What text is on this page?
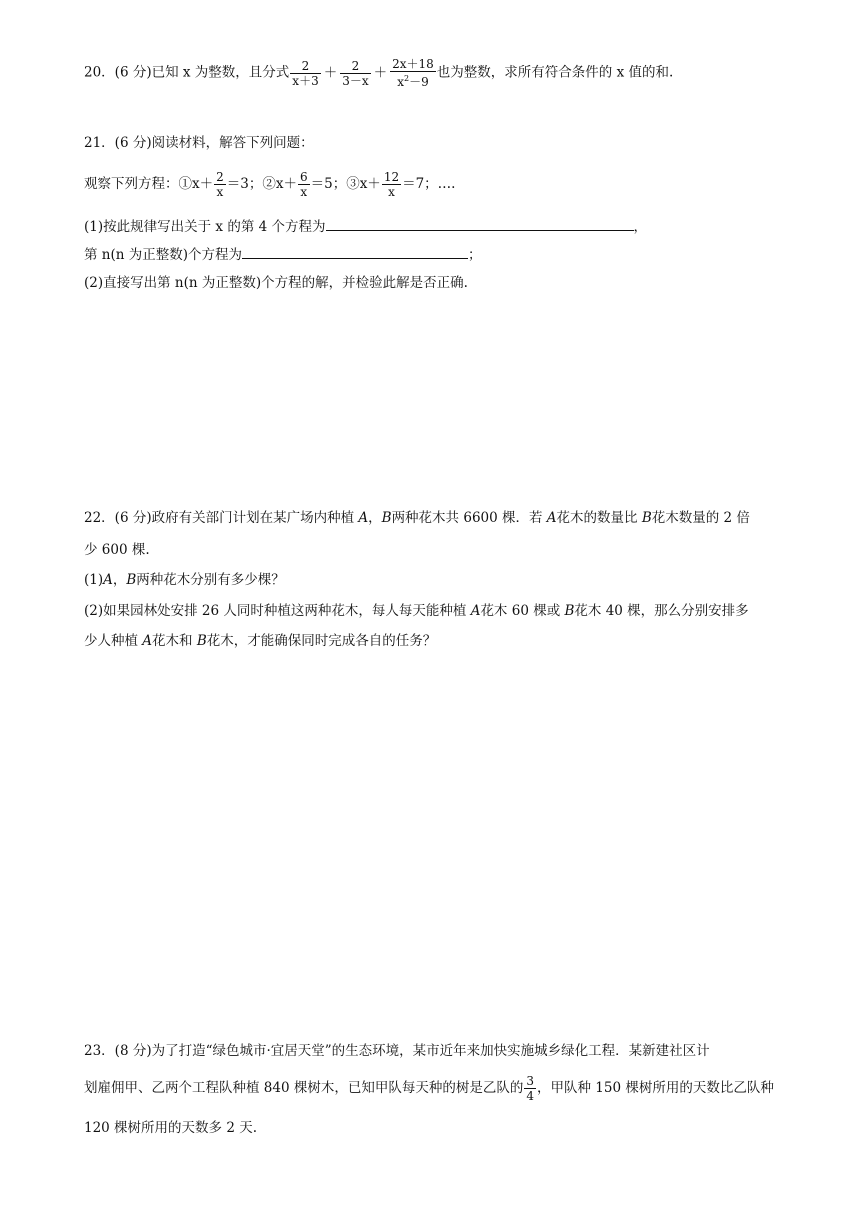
20．(6 分)已知 x 为整数，且分式 $\frac{2}{x+3} + \frac{2}{3-x} + \frac{2x+18}{x^2-9}$ 也为整数，求所有符合条件的 x 值的和.
21．(6 分)阅读材料，解答下列问题：
观察下列方程：①x＋ $\frac{2}{x} =3$；②x＋ $\frac{6}{x} =5$；③x＋ $\frac{12}{x} =7$；….
(1)按此规律写出关于 x 的第 4 个方程为	，
第 n(n 为正整数)个方程为	；
(2)直接写出第 n(n 为正整数)个方程的解，并检验此解是否正确.
22．(6 分)政府有关部门计划在某广场内种植 A，B两种花木共 6600 棵．若 A花木的数量比 B花木数量的 2 倍
少 600 棵.
(1)A，B两种花木分别有多少棵？
(2)如果园林处安排 26 人同时种植这两种花木，每人每天能种植 A花木 60 棵或 B花木 40 棵，那么分别安排多
少人种植 A花木和 B花木，才能确保同时完成各自的任务？
23．(8 分)为了打造“绿色城市·宜居天堂”的生态环境，某市近年来加快实施城乡绿化工程．某新建社区计
划雇佣甲、乙两个工程队种植 840 棵树木，已知甲队每天种的树是乙队的 $\frac{3}{4}$ ，甲队种 150 棵树所用的天数比乙队种
120 棵树所用的天数多 2 天.
